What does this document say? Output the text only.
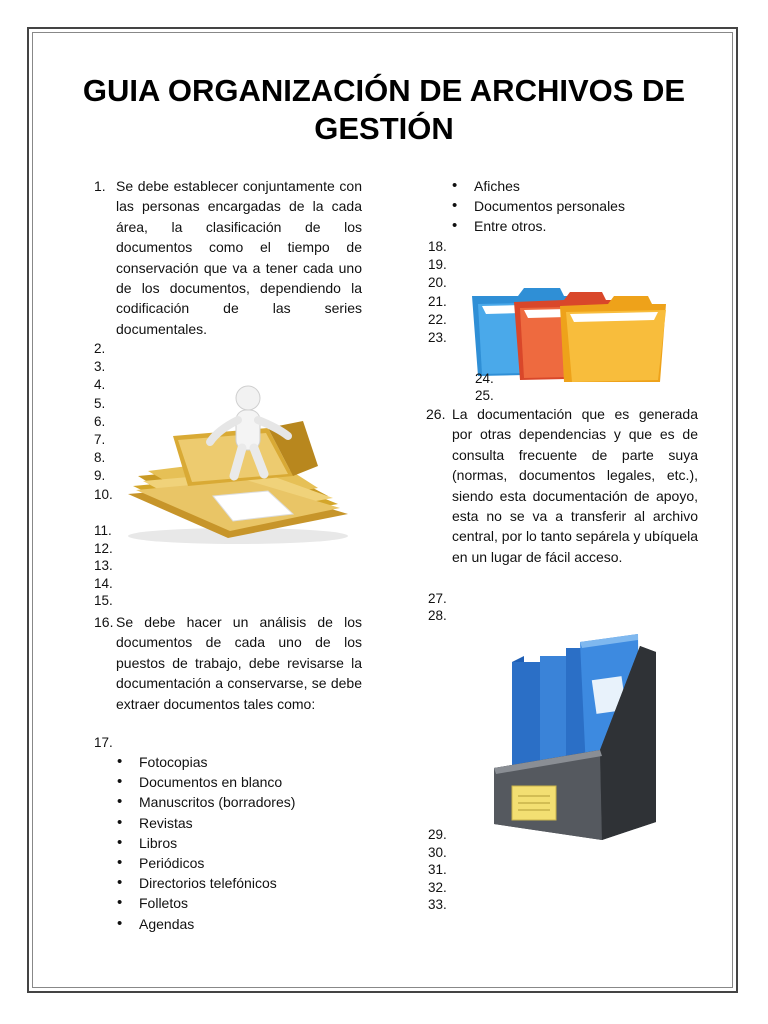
GUIA ORGANIZACIÓN DE ARCHIVOS DE GESTIÓN
1. Se debe establecer conjuntamente con las personas encargadas de la cada área, la clasificación de los documentos como el tiempo de conservación que va a tener cada uno de los documentos, dependiendo la codificación de las series documentales.
2.
3.
4.
5.
6.
7.
8.
9.
10.
11.
12.
13.
14.
15.
16. Se debe hacer un análisis de los documentos de cada uno de los puestos de trabajo, debe revisarse la documentación a conservarse, se debe extraer documentos tales como:
17.
• Fotocopias
• Documentos en blanco
• Manuscritos (borradores)
• Revistas
• Libros
• Periódicos
• Directorios telefónicos
• Folletos
• Agendas
• Afiches
• Documentos personales
• Entre otros.
18.
19.
20.
21.
22.
23.
24.
25.
26. La documentación que es generada por otras dependencias y que es de consulta frecuente de parte suya (normas, documentos legales, etc.), siendo esta documentación de apoyo, esta no se va a transferir al archivo central, por lo tanto sepárela y ubíquela en un lugar de fácil acceso.
27.
28.
29.
30.
31.
32.
33.
